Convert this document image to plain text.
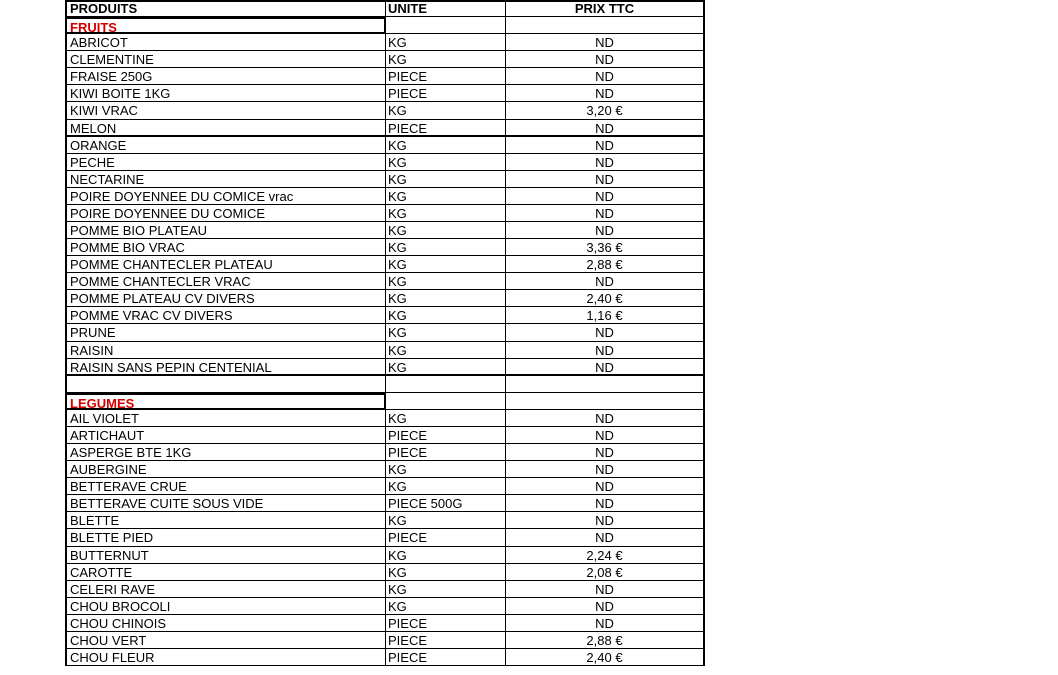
PRODUITS	UNITE	PRIX TTC
FRUITS
ABRICOT	KG	ND
CLEMENTINE	KG	ND
FRAISE 250G	PIECE	ND
KIWI BOITE 1KG	PIECE	ND
KIWI VRAC	KG	3,20 €
MELON	PIECE	ND
ORANGE	KG	ND
PECHE	KG	ND
NECTARINE	KG	ND
POIRE DOYENNEE DU COMICE vrac	KG	ND
POIRE DOYENNEE DU COMICE	KG	ND
POMME BIO PLATEAU	KG	ND
POMME BIO VRAC	KG	3,36 €
POMME CHANTECLER PLATEAU	KG	2,88 €
POMME CHANTECLER VRAC	KG	ND
POMME PLATEAU CV DIVERS	KG	2,40 €
POMME VRAC CV DIVERS	KG	1,16 €
PRUNE	KG	ND
RAISIN	KG	ND
RAISIN SANS PEPIN CENTENIAL	KG	ND
LEGUMES
AIL VIOLET	KG	ND
ARTICHAUT	PIECE	ND
ASPERGE BTE 1KG	PIECE	ND
AUBERGINE	KG	ND
BETTERAVE CRUE	KG	ND
BETTERAVE CUITE SOUS VIDE	PIECE 500G	ND
BLETTE	KG	ND
BLETTE PIED	PIECE	ND
BUTTERNUT	KG	2,24 €
CAROTTE	KG	2,08 €
CELERI RAVE	KG	ND
CHOU BROCOLI	KG	ND
CHOU CHINOIS	PIECE	ND
CHOU VERT	PIECE	2,88 €
CHOU FLEUR	PIECE	2,40 €
